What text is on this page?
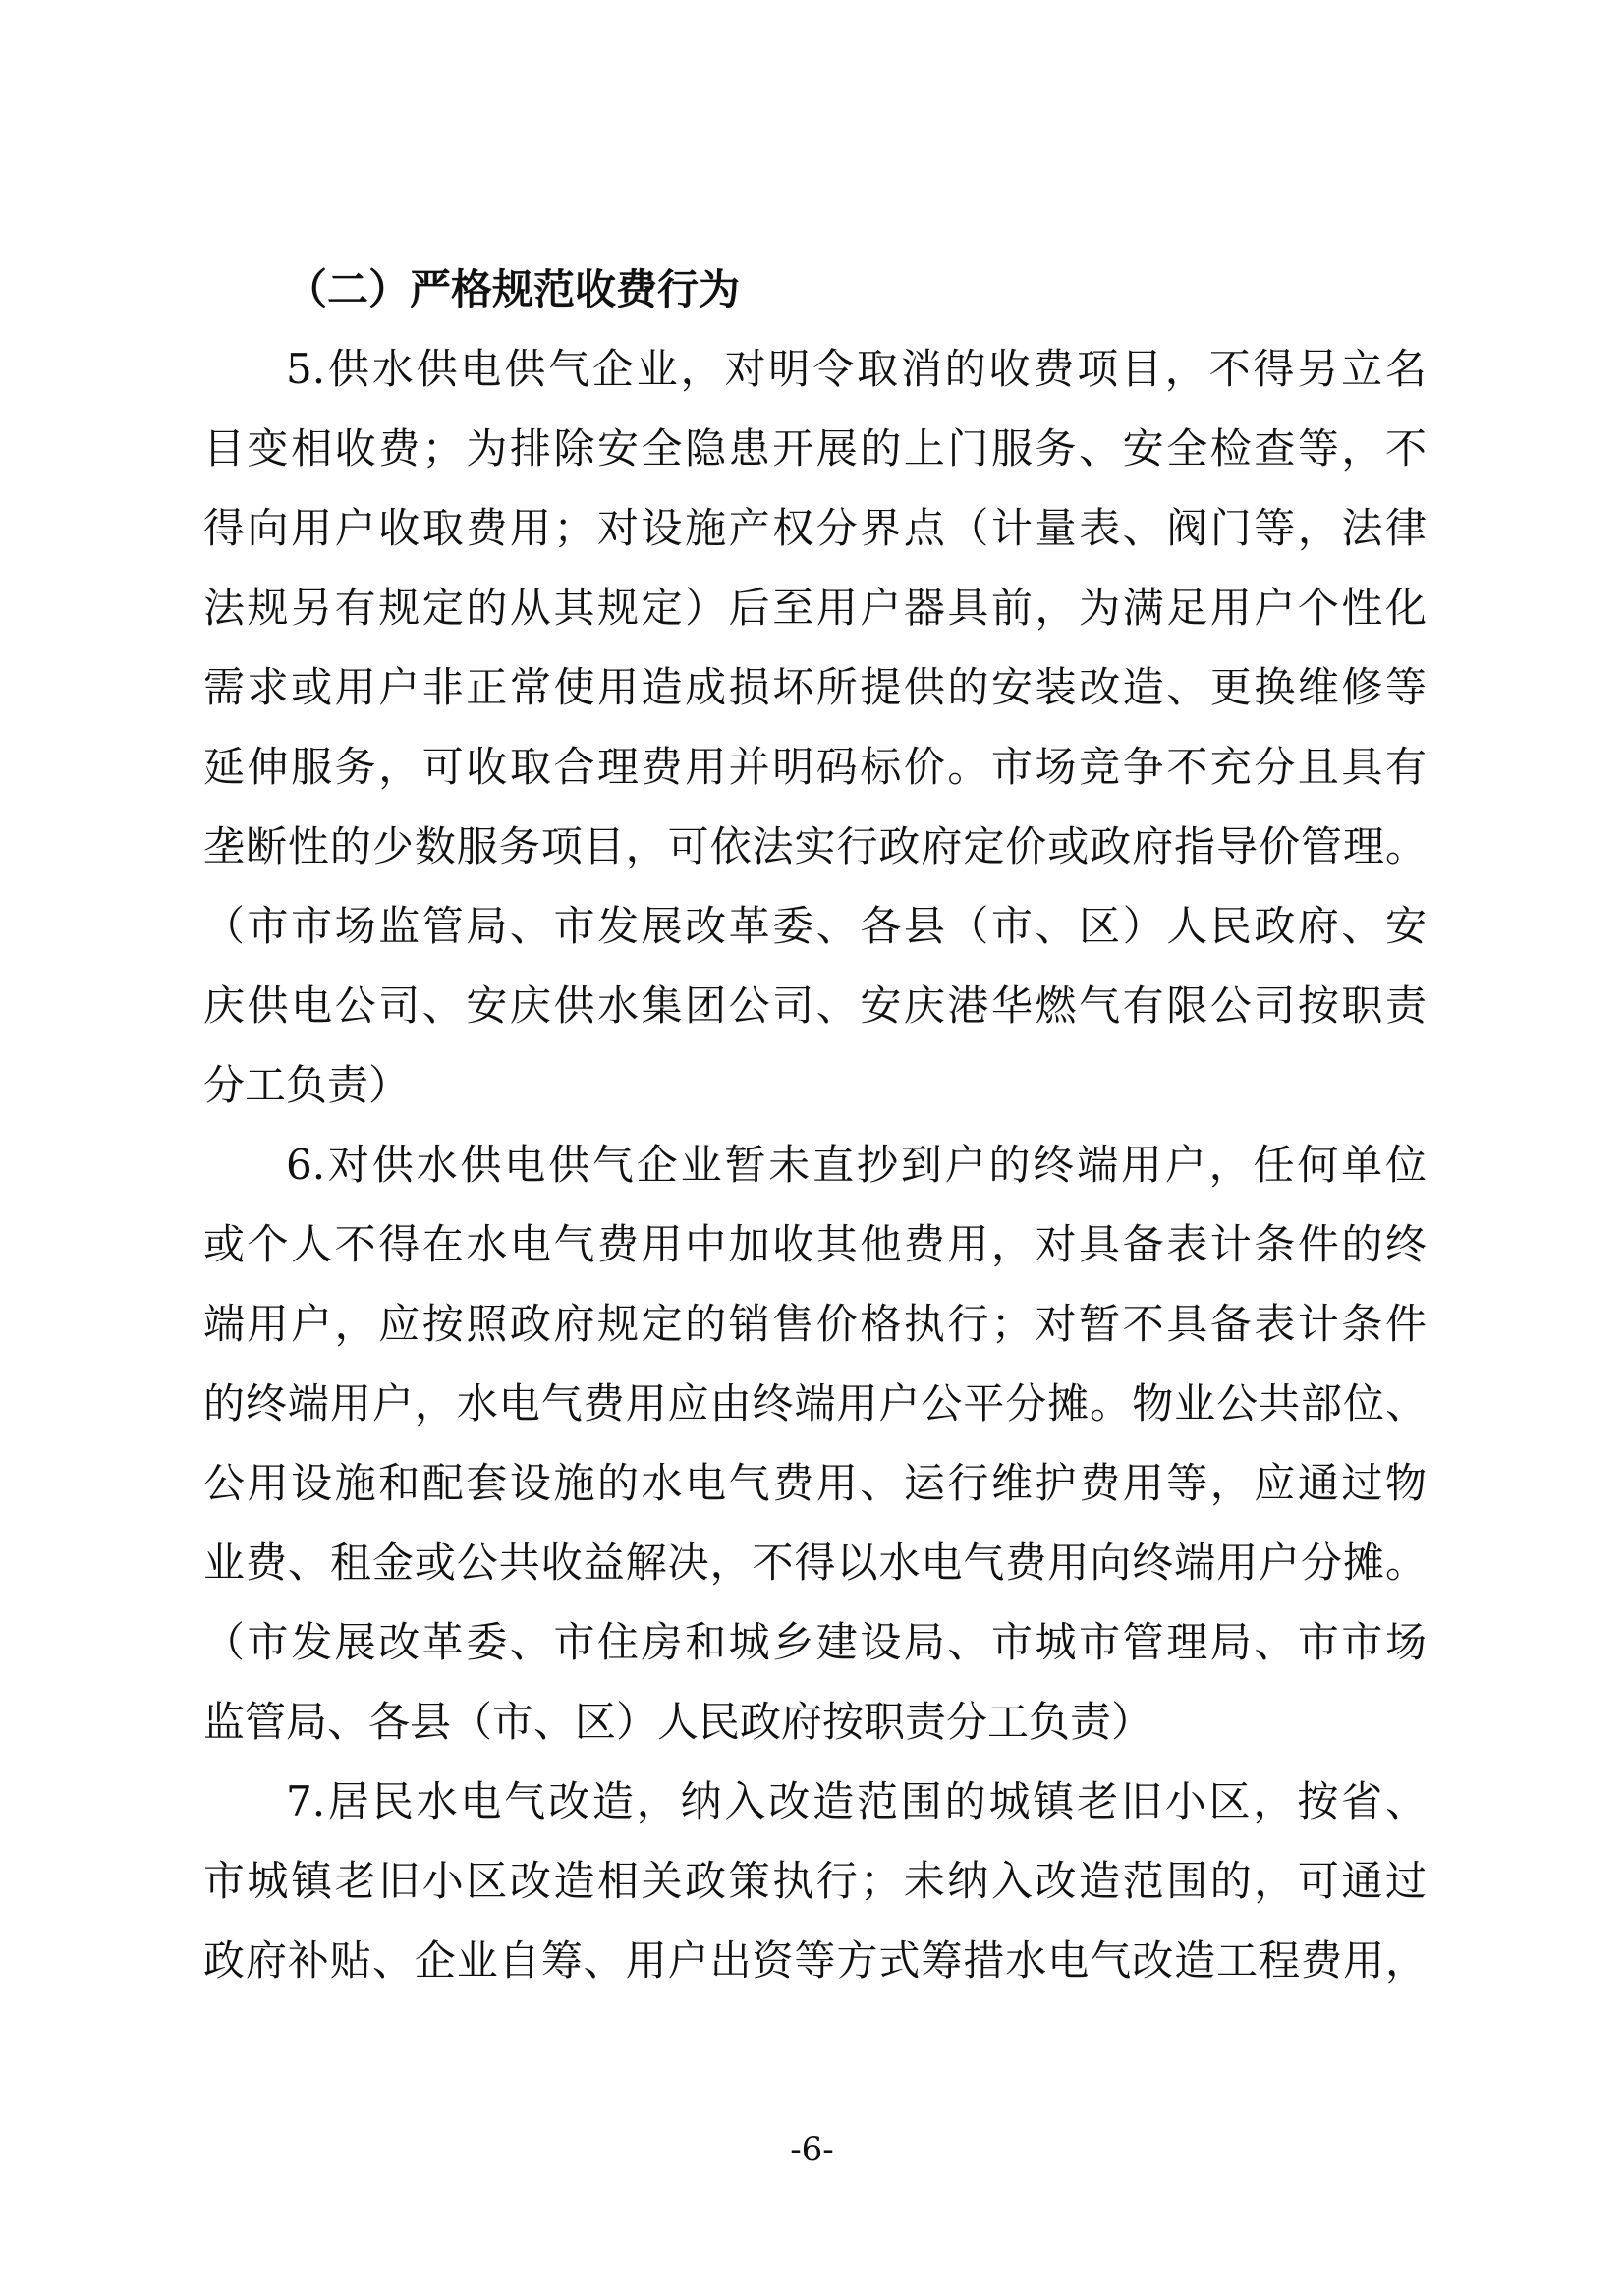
（二）严格规范收费行为
5.供水供电供气企业，对明令取消的收费项目，不得另立名
目变相收费；为排除安全隐患开展的上门服务、安全检查等，不
得向用户收取费用；对设施产权分界点（计量表、阀门等，法律
法规另有规定的从其规定）后至用户器具前，为满足用户个性化
需求或用户非正常使用造成损坏所提供的安装改造、更换维修等
延伸服务，可收取合理费用并明码标价。市场竞争不充分且具有
垄断性的少数服务项目，可依法实行政府定价或政府指导价管理。
（市市场监管局、市发展改革委、各县（市、区）人民政府、安
庆供电公司、安庆供水集团公司、安庆港华燃气有限公司按职责
分工负责）
6.对供水供电供气企业暂未直抄到户的终端用户，任何单位
或个人不得在水电气费用中加收其他费用，对具备表计条件的终
端用户，应按照政府规定的销售价格执行；对暂不具备表计条件
的终端用户，水电气费用应由终端用户公平分摊。物业公共部位、
公用设施和配套设施的水电气费用、运行维护费用等，应通过物
业费、租金或公共收益解决，不得以水电气费用向终端用户分摊。
（市发展改革委、市住房和城乡建设局、市城市管理局、市市场
监管局、各县（市、区）人民政府按职责分工负责）
7.居民水电气改造，纳入改造范围的城镇老旧小区，按省、
市城镇老旧小区改造相关政策执行；未纳入改造范围的，可通过
政府补贴、企业自筹、用户出资等方式筹措水电气改造工程费用，
-6-
